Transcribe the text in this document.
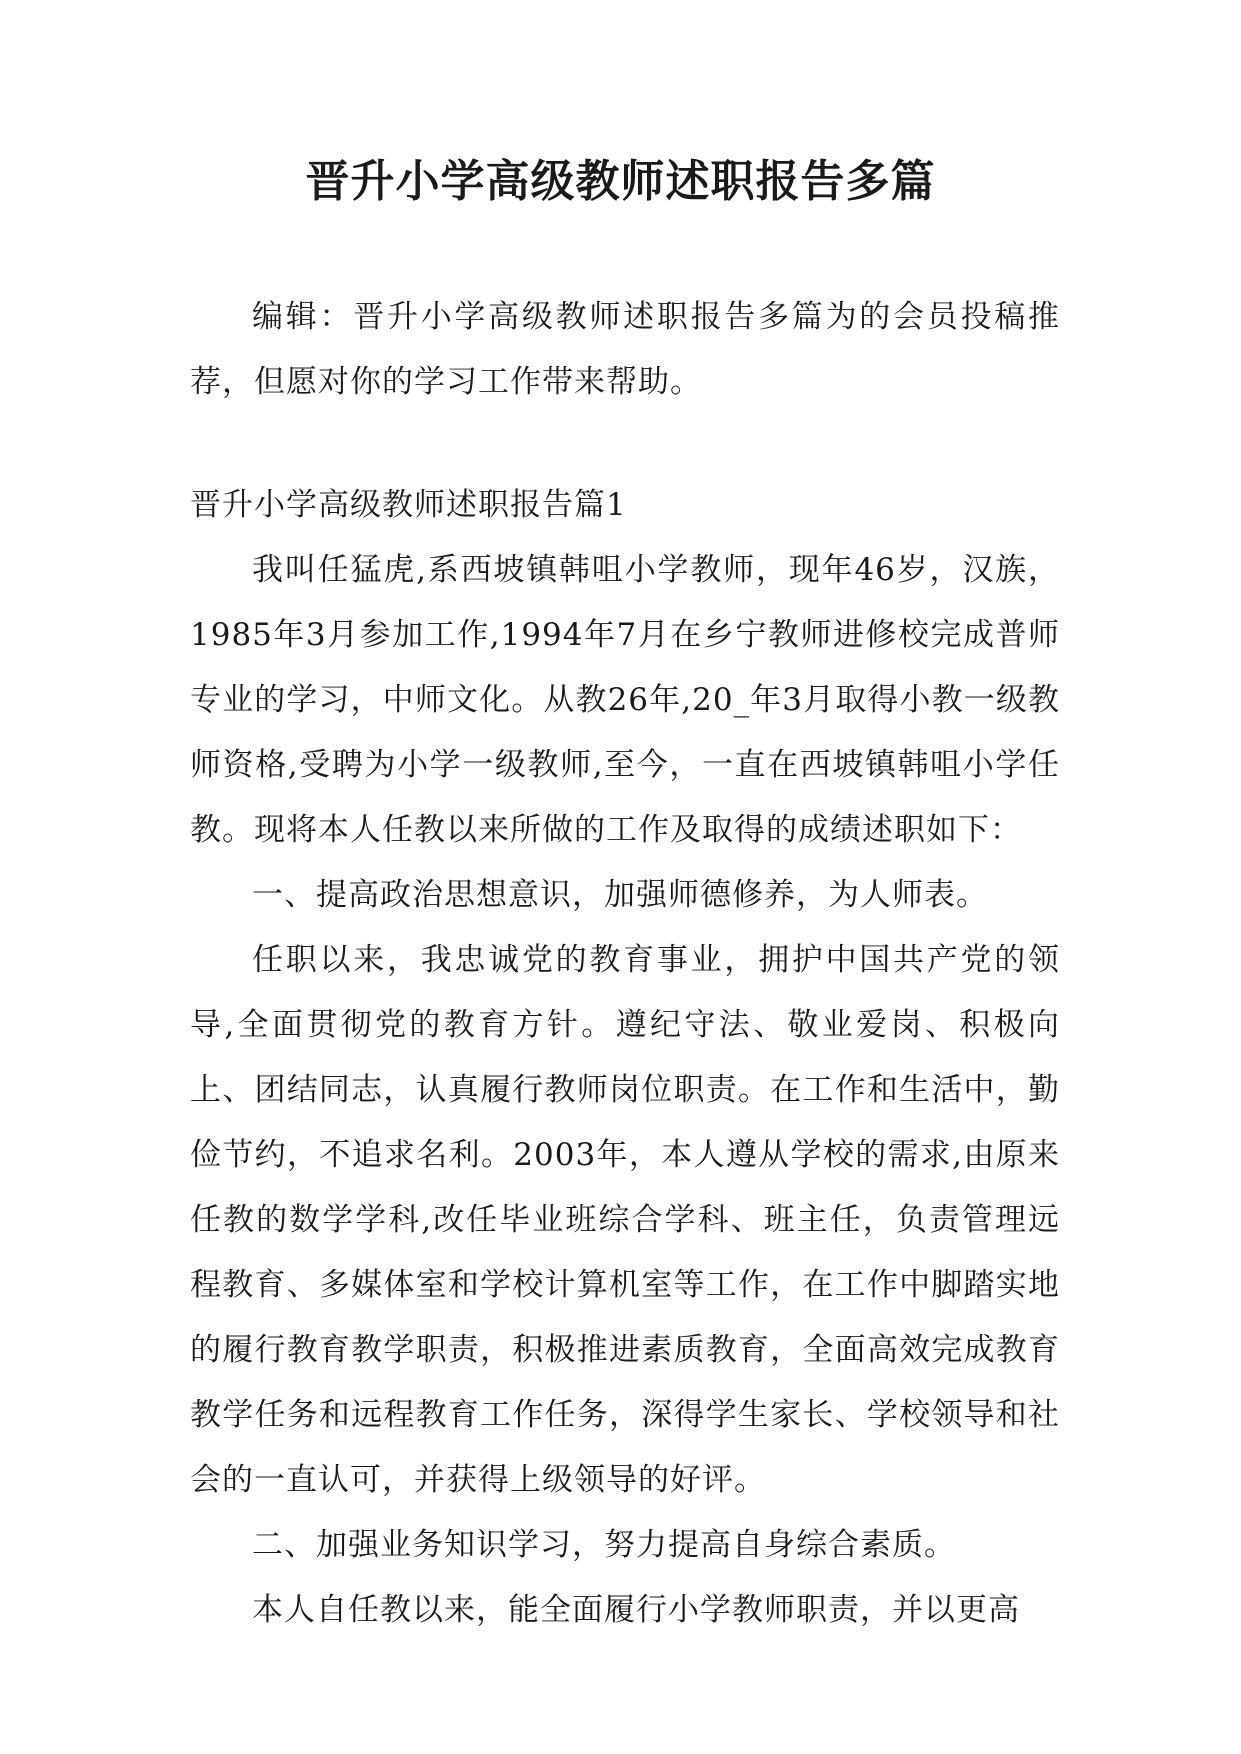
晋升小学高级教师述职报告多篇

编辑：晋升小学高级教师述职报告多篇为的会员投稿推荐，但愿对你的学习工作带来帮助。

晋升小学高级教师述职报告篇1

我叫任猛虎,系西坡镇韩咀小学教师，现年46岁，汉族，1985年3月参加工作,1994年7月在乡宁教师进修校完成普师专业的学习，中师文化。从教26年,20_年3月取得小教一级教师资格,受聘为小学一级教师,至今，一直在西坡镇韩咀小学任教。现将本人任教以来所做的工作及取得的成绩述职如下：

一、提高政治思想意识，加强师德修养，为人师表。

任职以来，我忠诚党的教育事业，拥护中国共产党的领导,全面贯彻党的教育方针。遵纪守法、敬业爱岗、积极向上、团结同志，认真履行教师岗位职责。在工作和生活中，勤俭节约，不追求名利。2003年，本人遵从学校的需求,由原来任教的数学学科,改任毕业班综合学科、班主任，负责管理远程教育、多媒体室和学校计算机室等工作，在工作中脚踏实地的履行教育教学职责，积极推进素质教育，全面高效完成教育教学任务和远程教育工作任务，深得学生家长、学校领导和社会的一直认可，并获得上级领导的好评。

二、加强业务知识学习，努力提高自身综合素质。

本人自任教以来，能全面履行小学教师职责，并以更高
